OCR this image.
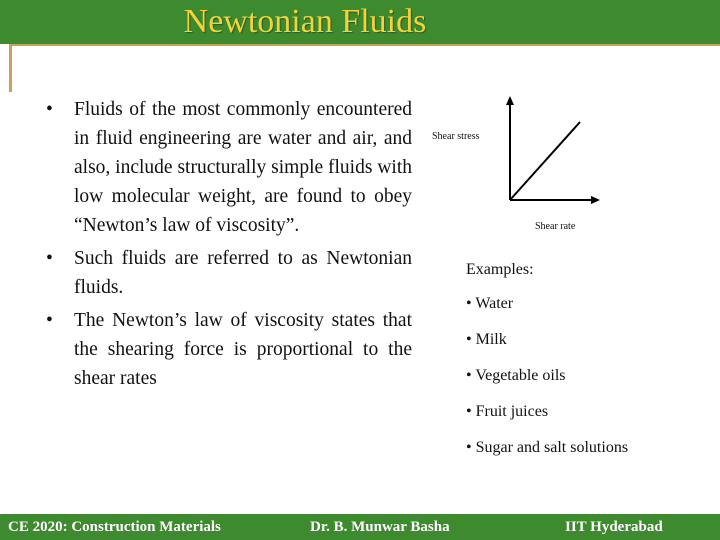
Newtonian Fluids
• Fluids of the most commonly encountered in fluid engineering are water and air, and also, include structurally simple fluids with low molecular weight, are found to obey “Newton’s law of viscosity”.
• Such fluids are referred to as Newtonian fluids.
• The Newton’s law of viscosity states that the shearing force is proportional to the shear rates
Shear stress
Shear rate
Examples:
• Water
• Milk
• Vegetable oils
• Fruit juices
• Sugar and salt solutions
CE 2020: Construction Materials	Dr. B. Munwar Basha	IIT Hyderabad
